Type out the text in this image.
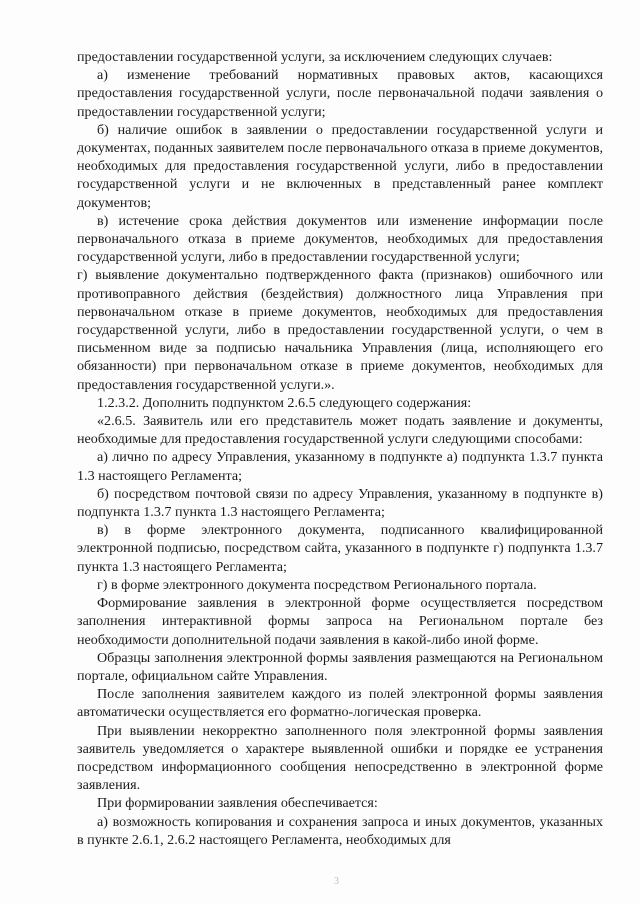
предоставлении государственной услуги, за исключением следующих случаев:

а) изменение требований нормативных правовых актов, касающихся предоставления государственной услуги, после первоначальной подачи заявления о предоставлении государственной услуги;

б) наличие ошибок в заявлении о предоставлении государственной услуги и документах, поданных заявителем после первоначального отказа в приеме документов, необходимых для предоставления государственной услуги, либо в предоставлении государственной услуги и не включенных в представленный ранее комплект документов;

в) истечение срока действия документов или изменение информации после первоначального отказа в приеме документов, необходимых для предоставления государственной услуги, либо в предоставлении государственной услуги;

г) выявление документально подтвержденного факта (признаков) ошибочного или противоправного действия (бездействия) должностного лица Управления при первоначальном отказе в приеме документов, необходимых для предоставления государственной услуги, либо в предоставлении государственной услуги, о чем в письменном виде за подписью начальника Управления (лица, исполняющего его обязанности) при первоначальном отказе в приеме документов, необходимых для предоставления государственной услуги.».

1.2.3.2. Дополнить подпунктом 2.6.5 следующего содержания:

«2.6.5. Заявитель или его представитель может подать заявление и документы, необходимые для предоставления государственной услуги следующими способами:

а) лично по адресу Управления, указанному в подпункте а) подпункта 1.3.7 пункта 1.3 настоящего Регламента;

б) посредством почтовой связи по адресу Управления, указанному в подпункте в) подпункта 1.3.7 пункта 1.3 настоящего Регламента;

в) в форме электронного документа, подписанного квалифицированной электронной подписью, посредством сайта, указанного в подпункте г) подпункта 1.3.7 пункта 1.3 настоящего Регламента;

г) в форме электронного документа посредством Регионального портала.

Формирование заявления в электронной форме осуществляется посредством заполнения интерактивной формы запроса на Региональном портале без необходимости дополнительной подачи заявления в какой-либо иной форме.

Образцы заполнения электронной формы заявления размещаются на Региональном портале, официальном сайте Управления.

После заполнения заявителем каждого из полей электронной формы заявления автоматически осуществляется его форматно-логическая проверка.

При выявлении некорректно заполненного поля электронной формы заявления заявитель уведомляется о характере выявленной ошибки и порядке ее устранения посредством информационного сообщения непосредственно в электронной форме заявления.

При формировании заявления обеспечивается:

а) возможность копирования и сохранения запроса и иных документов, указанных в пункте 2.6.1, 2.6.2 настоящего Регламента, необходимых для

3
